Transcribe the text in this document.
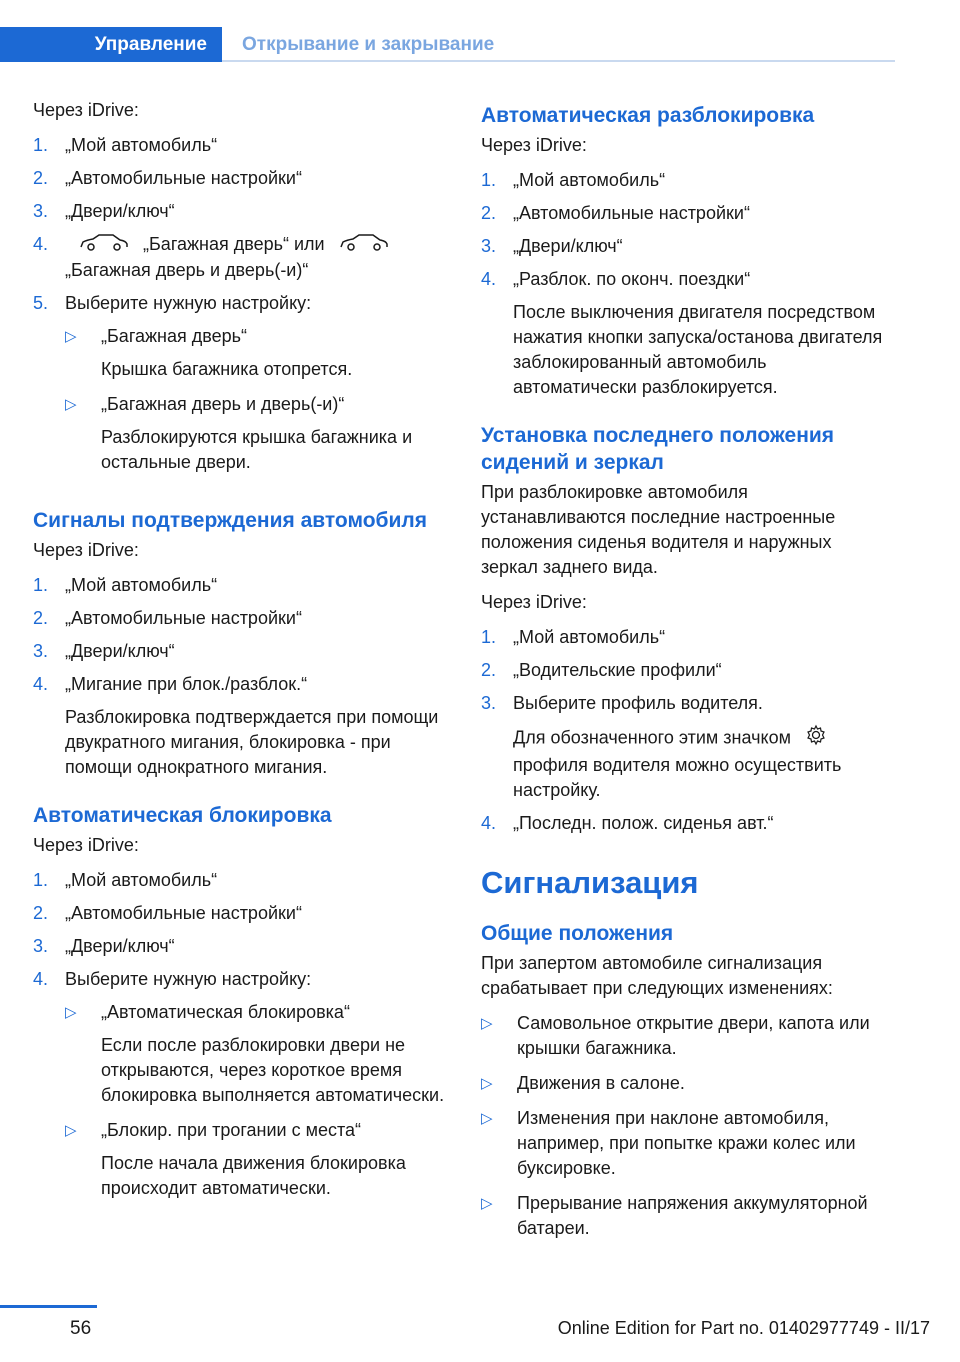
Управление	Открывание и закрывание

Через iDrive:

1. „Мой автомобиль“
2. „Автомобильные настройки“
3. „Двери/ключ“
4.	„Багажная дверь“ или
„Багажная дверь и дверь(-и)“
5. Выберите нужную настройку:
▷	„Багажная дверь“
Крышка багажника отопрется.
▷	„Багажная дверь и дверь(-и)“
Разблокируются крышка багажника и остальные двери.
Сигналы подтверждения автомобиля

Через iDrive:

1. „Мой автомобиль“
2. „Автомобильные настройки“
3. „Двери/ключ“
4. „Мигание при блок./разблок.“
Разблокировка подтверждается при помощи двукратного мигания, блокировка - при помощи однократного мигания.
Автоматическая блокировка

Через iDrive:

1. „Мой автомобиль“
2. „Автомобильные настройки“
3. „Двери/ключ“
4. Выберите нужную настройку:
▷	„Автоматическая блокировка“
Если после разблокировки двери не открываются, через короткое время блокировка выполняется автоматически.
▷	„Блокир. при трогании с места“
После начала движения блокировка происходит автоматически.
Автоматическая разблокировка

Через iDrive:

1. „Мой автомобиль“
2. „Автомобильные настройки“
3. „Двери/ключ“
4. „Разблок. по оконч. поездки“
После выключения двигателя посредством нажатия кнопки запуска/останова двигателя заблокированный автомобиль автоматически разблокируется.
Установка последнего положения сидений и зеркал

При разблокировке автомобиля устанавливаются последние настроенные положения сиденья водителя и наружных зеркал заднего вида.

Через iDrive:

1. „Мой автомобиль“
2. „Водительские профили“
3. Выберите профиль водителя.
Для обозначенного этим значкомпрофиля водителя можно осуществить настройку.
4. „Последн. полож. сиденья авт.“
Сигнализация
Общие положения

При запертом автомобиле сигнализация срабатывает при следующих изменениях:

▷	Самовольное открытие двери, капота или крышки багажника.
▷	Движения в салоне.
▷	Изменения при наклоне автомобиля, например, при попытке кражи колес или буксировке.
▷	Прерывание напряжения аккумуляторной батареи.
56	Online Edition for Part no. 01402977749 - II/17
